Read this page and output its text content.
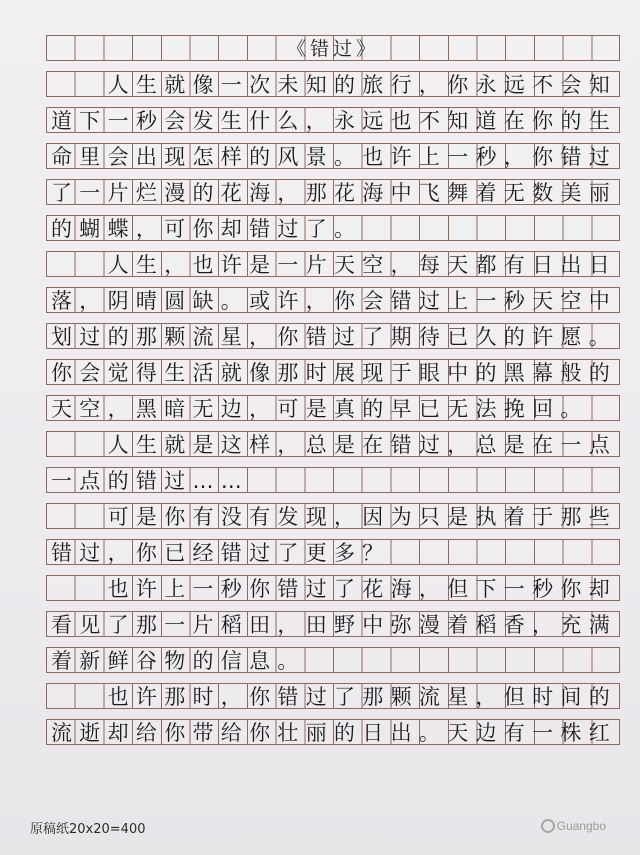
《错过》
　　人生就像一次未知的旅行，你永远不会知
道下一秒会发生什么，永远也不知道在你的生
命里会出现怎样的风景。也许上一秒，你错过
了一片烂漫的花海，那花海中飞舞着无数美丽
的蝴蝶，可你却错过了。
　　人生，也许是一片天空，每天都有日出日
落，阴晴圆缺。或许，你会错过上一秒天空中
划过的那颗流星，你错过了期待已久的许愿。
你会觉得生活就像那时展现于眼中的黑幕般的
天空，黑暗无边，可是真的早已无法挽回。
　　人生就是这样，总是在错过，总是在一点
一点的错过……
　　可是你有没有发现，因为只是执着于那些
错过，你已经错过了更多？
　　也许上一秒你错过了花海，但下一秒你却
看见了那一片稻田，田野中弥漫着稻香，充满
着新鲜谷物的信息。
　　也许那时，你错过了那颗流星，但时间的
流逝却给你带给你壮丽的日出。天边有一株红
原稿纸20x20=400	Guangbo
